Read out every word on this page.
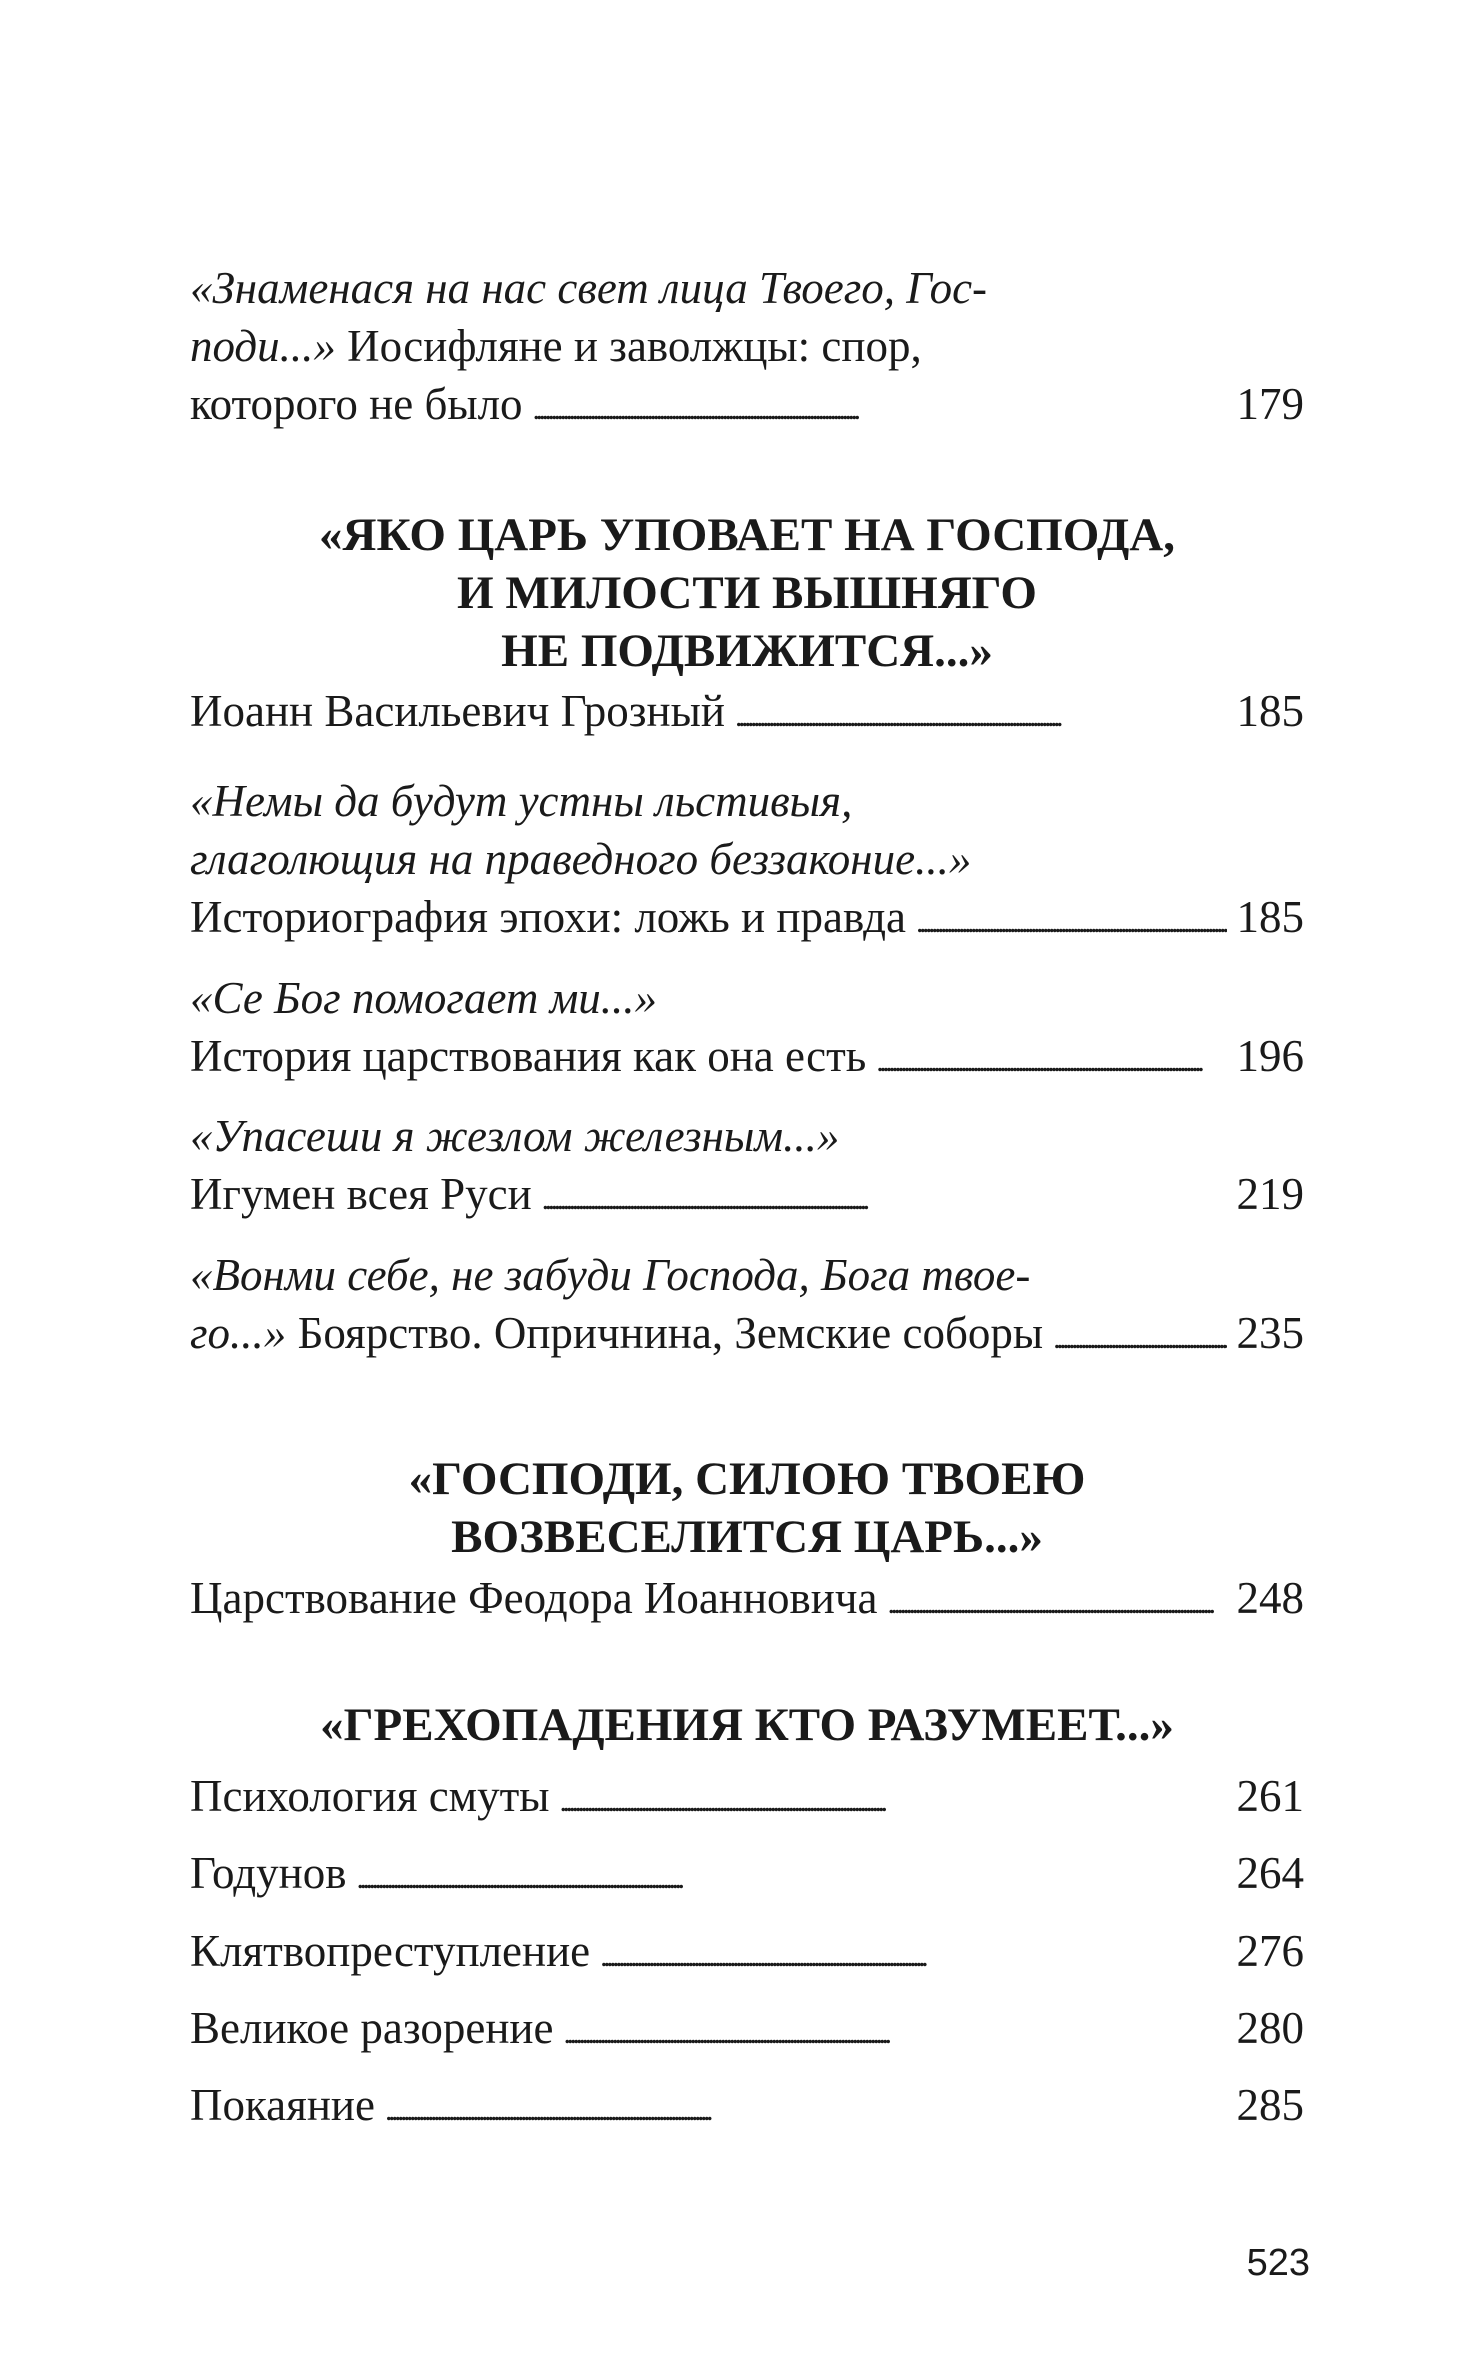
«Знаменася на нас свет лица Твоего, Гос-
поди...» Иосифляне и заволжцы: спор,
которого не было . . .	179
«ЯКО ЦАРЬ УПОВАЕТ НА ГОСПОДА,
И МИЛОСТИ ВЫШНЯГО
НЕ ПОДВИЖИТСЯ...»
Иоанн Васильевич Грозный . . .	185
«Немы да будут устны льстивыя,
глаголющия на праведного беззаконие...»
Историография эпохи: ложь и правда . . .	185
«Се Бог помогает ми...»
История царствования как она есть . . .	196
«Упасеши я жезлом железным...»
Игумен всея Руси . . .	219
«Вонми себе, не забуди Господа, Бога твое-
го...» Боярство. Опричнина, Земские соборы . . .	235
«ГОСПОДИ, СИЛОЮ ТВОЕЮ
ВОЗВЕСЕЛИТСЯ ЦАРЬ...»
Царствование Феодора Иоанновича . . .	248
«ГРЕХОПАДЕНИЯ КТО РАЗУМЕЕТ...»
Психология смуты . . .	261
Годунов . . .	264
Клятвопреступление . . .	276
Великое разорение . . .	280
Покаяние . . .	285
523
